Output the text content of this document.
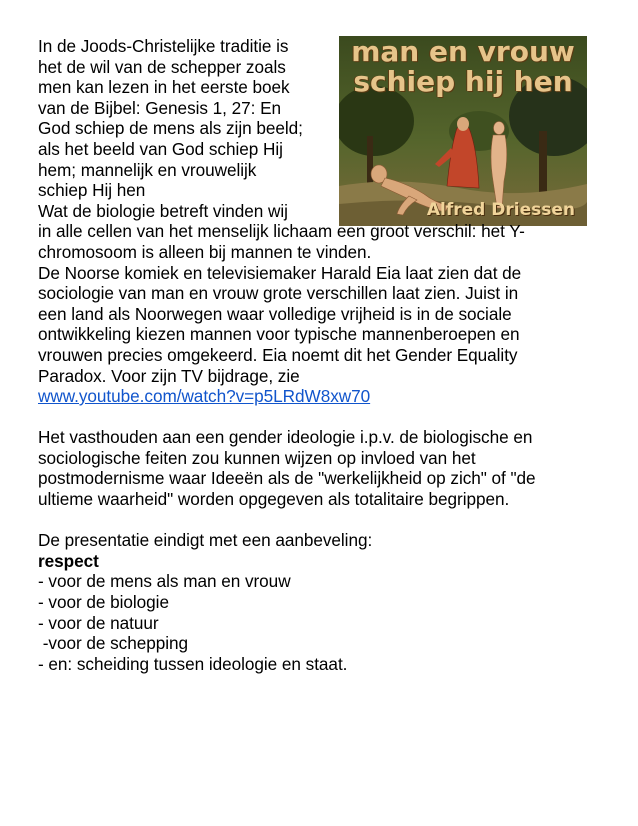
man en vrouw
schiep hij hen
Alfred Driessen
In de Joods-Christelijke traditie is
het de wil van de schepper zoals
men kan lezen in het eerste boek
van de Bijbel: Genesis 1, 27: En
God schiep de mens als zijn beeld;
als het beeld van God schiep Hij
hem; mannelijk en vrouwelijk
schiep Hij hen
Wat de biologie betreft vinden wij
in alle cellen van het menselijk lichaam een groot verschil: het Y-
chromosoom is alleen bij mannen te vinden.
De Noorse komiek en televisiemaker Harald Eia laat zien dat de
sociologie van man en vrouw grote verschillen laat zien. Juist in
een land als Noorwegen waar volledige vrijheid is in de sociale
ontwikkeling kiezen mannen voor typische mannenberoepen en
vrouwen precies omgekeerd. Eia noemt dit het Gender Equality
Paradox. Voor zijn TV bijdrage, zie
www.youtube.com/watch?v=p5LRdW8xw70
Het vasthouden aan een gender ideologie i.p.v. de biologische en
sociologische feiten zou kunnen wijzen op invloed van het
postmodernisme waar Ideeën als de "werkelijkheid op zich" of "de
ultieme waarheid" worden opgegeven als totalitaire begrippen.
De presentatie eindigt met een aanbeveling:
respect
- voor de mens als man en vrouw
- voor de biologie
- voor de natuur
-voor de schepping
- en: scheiding tussen ideologie en staat.
